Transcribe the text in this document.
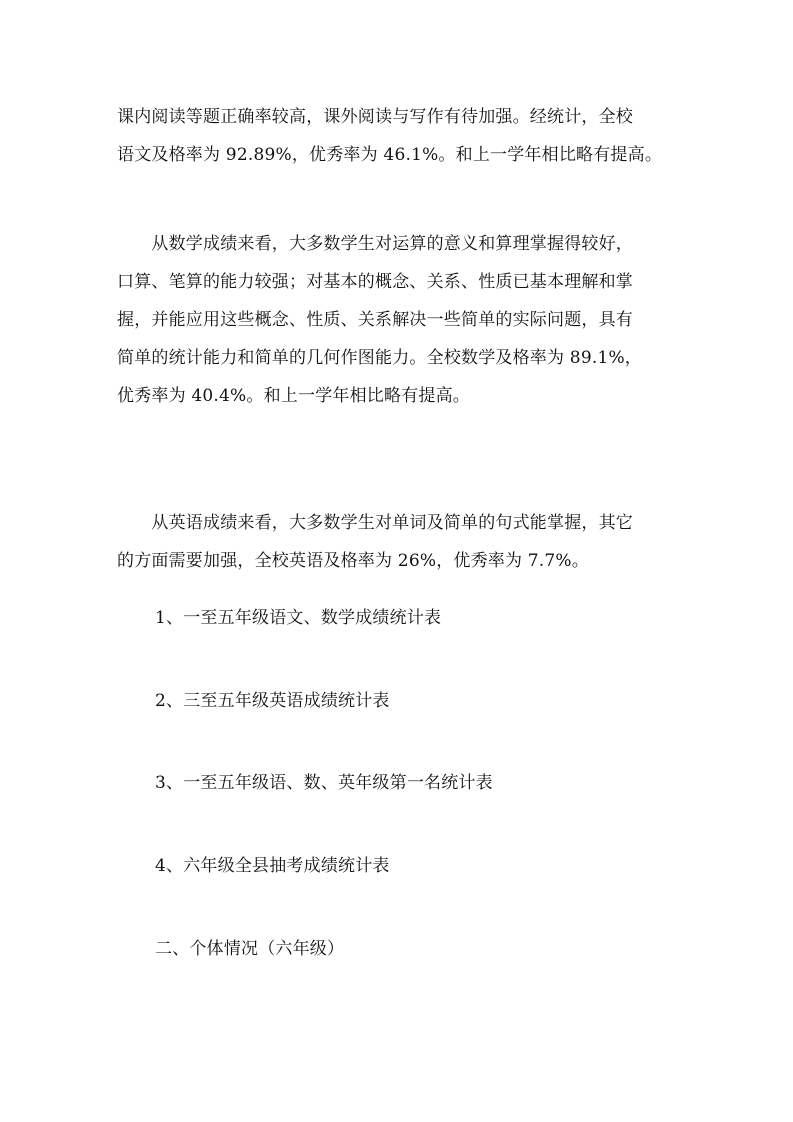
课内阅读等题正确率较高，课外阅读与写作有待加强。经统计，全校
语文及格率为 92.89%，优秀率为 46.1%。和上一学年相比略有提高。
　　从数学成绩来看，大多数学生对运算的意义和算理掌握得较好，
口算、笔算的能力较强；对基本的概念、关系、性质已基本理解和掌
握，并能应用这些概念、性质、关系解决一些简单的实际问题，具有
简单的统计能力和简单的几何作图能力。全校数学及格率为 89.1%，
优秀率为 40.4%。和上一学年相比略有提高。
　　从英语成绩来看，大多数学生对单词及简单的句式能掌握，其它
的方面需要加强，全校英语及格率为 26%，优秀率为 7.7%。

1、一至五年级语文、数学成绩统计表

2、三至五年级英语成绩统计表

3、一至五年级语、数、英年级第一名统计表

4、六年级全县抽考成绩统计表

二、个体情况（六年级）
